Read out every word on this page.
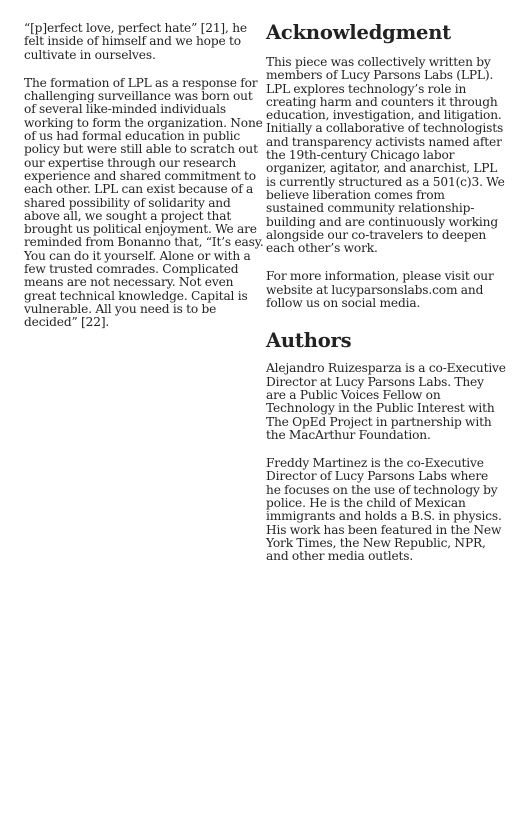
“[p]erfect love, perfect hate” [21], he felt inside of himself and we hope to cultivate in ourselves.

The formation of LPL as a response for challenging surveillance was born out of several like-minded individuals working to form the organization. None of us had formal education in public policy but were still able to scratch out our expertise through our research experience and shared commitment to each other. LPL can exist because of a shared possibility of solidarity and above all, we sought a project that brought us political enjoyment. We are reminded from Bonanno that, “It’s easy. You can do it yourself. Alone or with a few trusted comrades. Complicated means are not necessary. Not even great technical knowledge. Capital is vulnerable. All you need is to be decided” [22].

Acknowledgment

This piece was collectively written by members of Lucy Parsons Labs (LPL). LPL explores technology’s role in creating harm and counters it through education, investigation, and litigation. Initially a collaborative of technologists and transparency activists named after the 19th-century Chicago labor organizer, agitator, and anarchist, LPL is currently structured as a 501(c)3. We believe liberation comes from sustained community relationship-building and are continuously working alongside our co-travelers to deepen each other’s work.

For more information, please visit our website at lucyparsonslabs.com and follow us on social media.

Authors

Alejandro Ruizesparza is a co-Executive Director at Lucy Parsons Labs. They are a Public Voices Fellow on Technology in the Public Interest with The OpEd Project in partnership with the MacArthur Foundation.

Freddy Martinez is the co-Executive Director of Lucy Parsons Labs where he focuses on the use of technology by police. He is the child of Mexican immigrants and holds a B.S. in physics. His work has been featured in the New York Times, the New Republic, NPR, and other media outlets.
